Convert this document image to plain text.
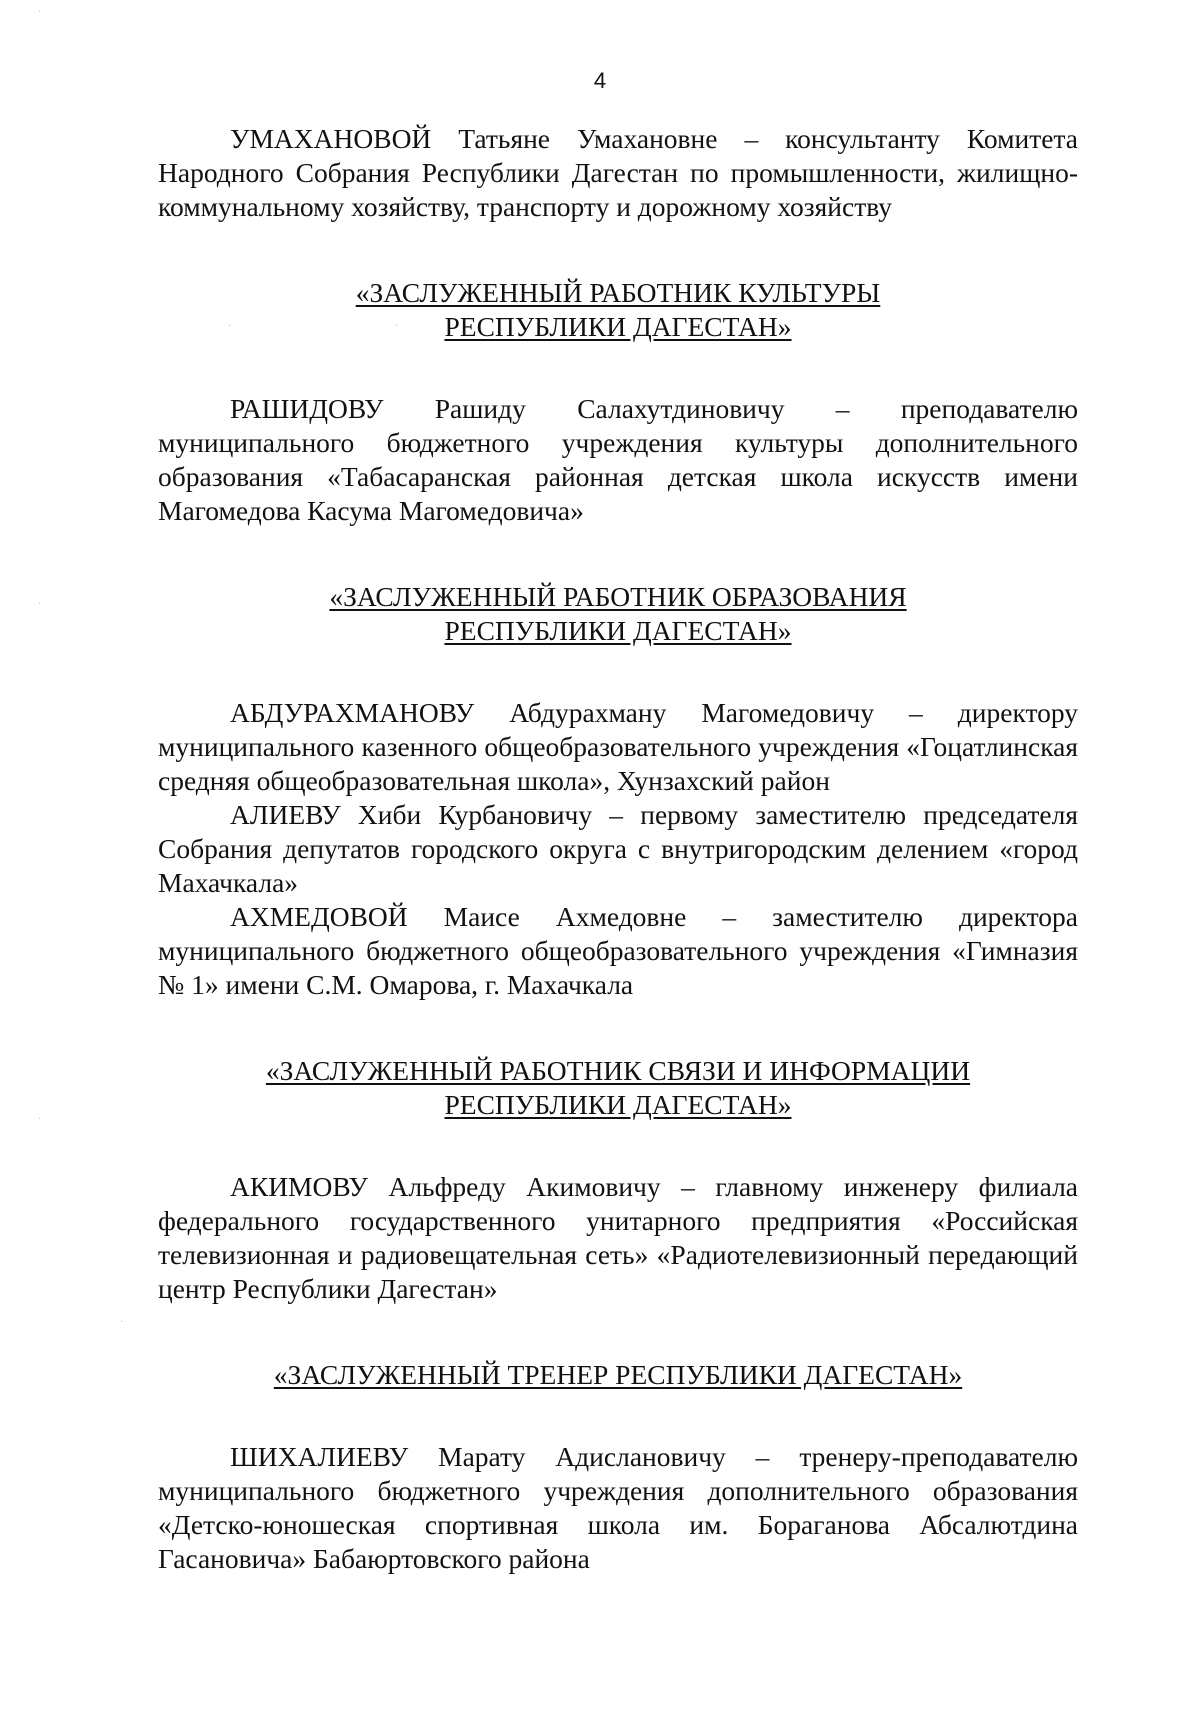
4

УМАХАНОВОЙ Татьяне Умахановне – консультанту Комитета Народного Собрания Республики Дагестан по промышленности, жилищно-коммунальному хозяйству, транспорту и дорожному хозяйству

«ЗАСЛУЖЕННЫЙ РАБОТНИК КУЛЬТУРЫ
РЕСПУБЛИКИ ДАГЕСТАН»

РАШИДОВУ Рашиду Салахутдиновичу – преподавателю муниципального бюджетного учреждения культуры дополнительного образования «Табасаранская районная детская школа искусств имени Магомедова Касума Магомедовича»

«ЗАСЛУЖЕННЫЙ РАБОТНИК ОБРАЗОВАНИЯ
РЕСПУБЛИКИ ДАГЕСТАН»

АБДУРАХМАНОВУ Абдурахману Магомедовичу – директору муниципального казенного общеобразовательного учреждения «Гоцатлинская средняя общеобразовательная школа», Хунзахский район

АЛИЕВУ Хиби Курбановичу – первому заместителю председателя Собрания депутатов городского округа с внутригородским делением «город Махачкала»

АХМЕДОВОЙ Маисе Ахмедовне – заместителю директора муниципального бюджетного общеобразовательного учреждения «Гимназия № 1» имени С.М. Омарова, г. Махачкала

«ЗАСЛУЖЕННЫЙ РАБОТНИК СВЯЗИ И ИНФОРМАЦИИ
РЕСПУБЛИКИ ДАГЕСТАН»

АКИМОВУ Альфреду Акимовичу – главному инженеру филиала федерального государственного унитарного предприятия «Российская телевизионная и радиовещательная сеть» «Радиотелевизионный передающий центр Республики Дагестан»

«ЗАСЛУЖЕННЫЙ ТРЕНЕР РЕСПУБЛИКИ ДАГЕСТАН»

ШИХАЛИЕВУ Марату Адислановичу – тренеру-преподавателю муниципального бюджетного учреждения дополнительного образования «Детско-юношеская спортивная школа им. Бораганова Абсалютдина Гасановича» Бабаюртовского района

·
·
·
·
·	·
